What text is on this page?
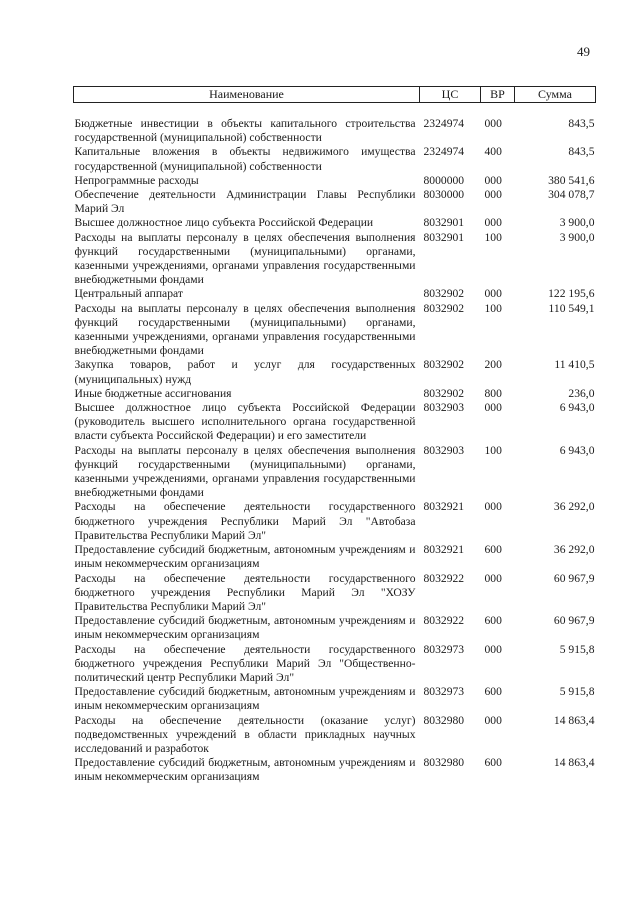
49
Наименование	ЦС	ВР	Сумма

Бюджетные инвестиции в объекты капитального строительства государственной (муниципальной) собственности	2324974	000	843,5
Капитальные вложения в объекты недвижимого имущества государственной (муниципальной) собственности	2324974	400	843,5
Непрограммные расходы	8000000	000	380 541,6
Обеспечение деятельности Администрации Главы Республики Марий Эл	8030000	000	304 078,7
Высшее должностное лицо субъекта Российской Федерации	8032901	000	3 900,0
Расходы на выплаты персоналу в целях обеспечения выполнения функций государственными (муниципальными) органами, казенными учреждениями, органами управления государственными внебюджетными фондами	8032901	100	3 900,0
Центральный аппарат	8032902	000	122 195,6
Расходы на выплаты персоналу в целях обеспечения выполнения функций государственными (муниципальными) органами, казенными учреждениями, органами управления государственными внебюджетными фондами	8032902	100	110 549,1
Закупка товаров, работ и услуг для государственных (муниципальных) нужд	8032902	200	11 410,5
Иные бюджетные ассигнования	8032902	800	236,0
Высшее должностное лицо субъекта Российской Федерации (руководитель высшего исполнительного органа государственной власти субъекта Российской Федерации) и его заместители	8032903	000	6 943,0
Расходы на выплаты персоналу в целях обеспечения выполнения функций государственными (муниципальными) органами, казенными учреждениями, органами управления государственными внебюджетными фондами	8032903	100	6 943,0
Расходы на обеспечение деятельности государственного бюджетного учреждения Республики Марий Эл "Автобаза Правительства Республики Марий Эл"	8032921	000	36 292,0
Предоставление субсидий бюджетным, автономным учреждениям и иным некоммерческим организациям	8032921	600	36 292,0
Расходы на обеспечение деятельности государственного бюджетного учреждения Республики Марий Эл "ХОЗУ Правительства Республики Марий Эл"	8032922	000	60 967,9
Предоставление субсидий бюджетным, автономным учреждениям и иным некоммерческим организациям	8032922	600	60 967,9
Расходы на обеспечение деятельности государственного бюджетного учреждения Республики Марий Эл "Общественно-политический центр Республики Марий Эл"	8032973	000	5 915,8
Предоставление субсидий бюджетным, автономным учреждениям и иным некоммерческим организациям	8032973	600	5 915,8
Расходы на обеспечение деятельности (оказание услуг) подведомственных учреждений в области прикладных научных исследований и разработок	8032980	000	14 863,4
Предоставление субсидий бюджетным, автономным учреждениям и иным некоммерческим организациям	8032980	600	14 863,4
